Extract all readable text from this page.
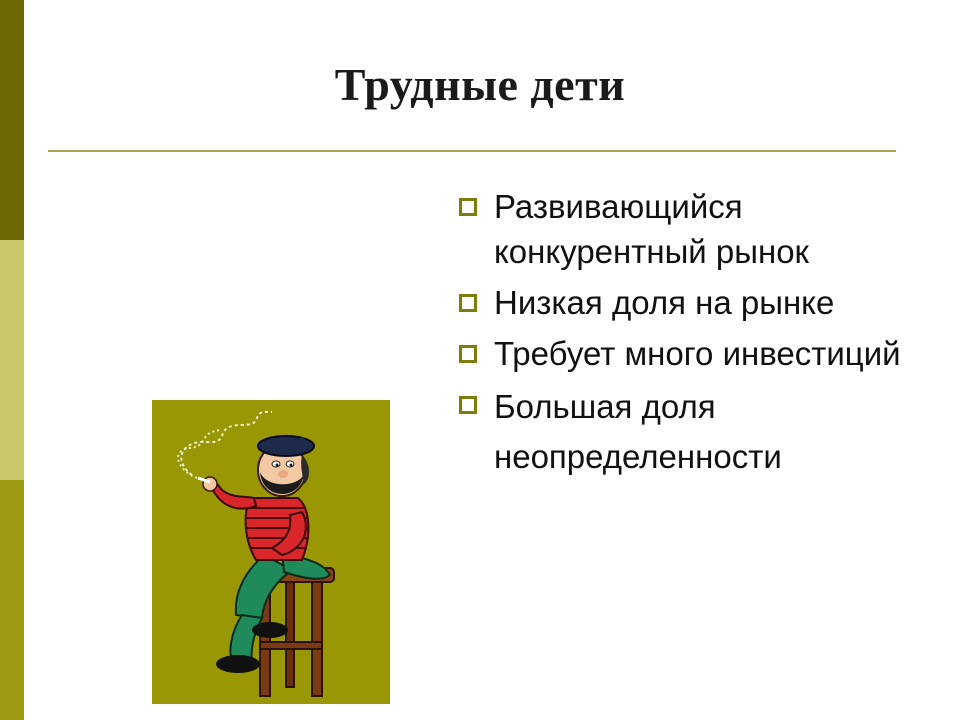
Трудные дети
Развивающийся конкурентный рынок
Низкая доля на рынке
Требует много инвестиций
Большая доля неопределенности
